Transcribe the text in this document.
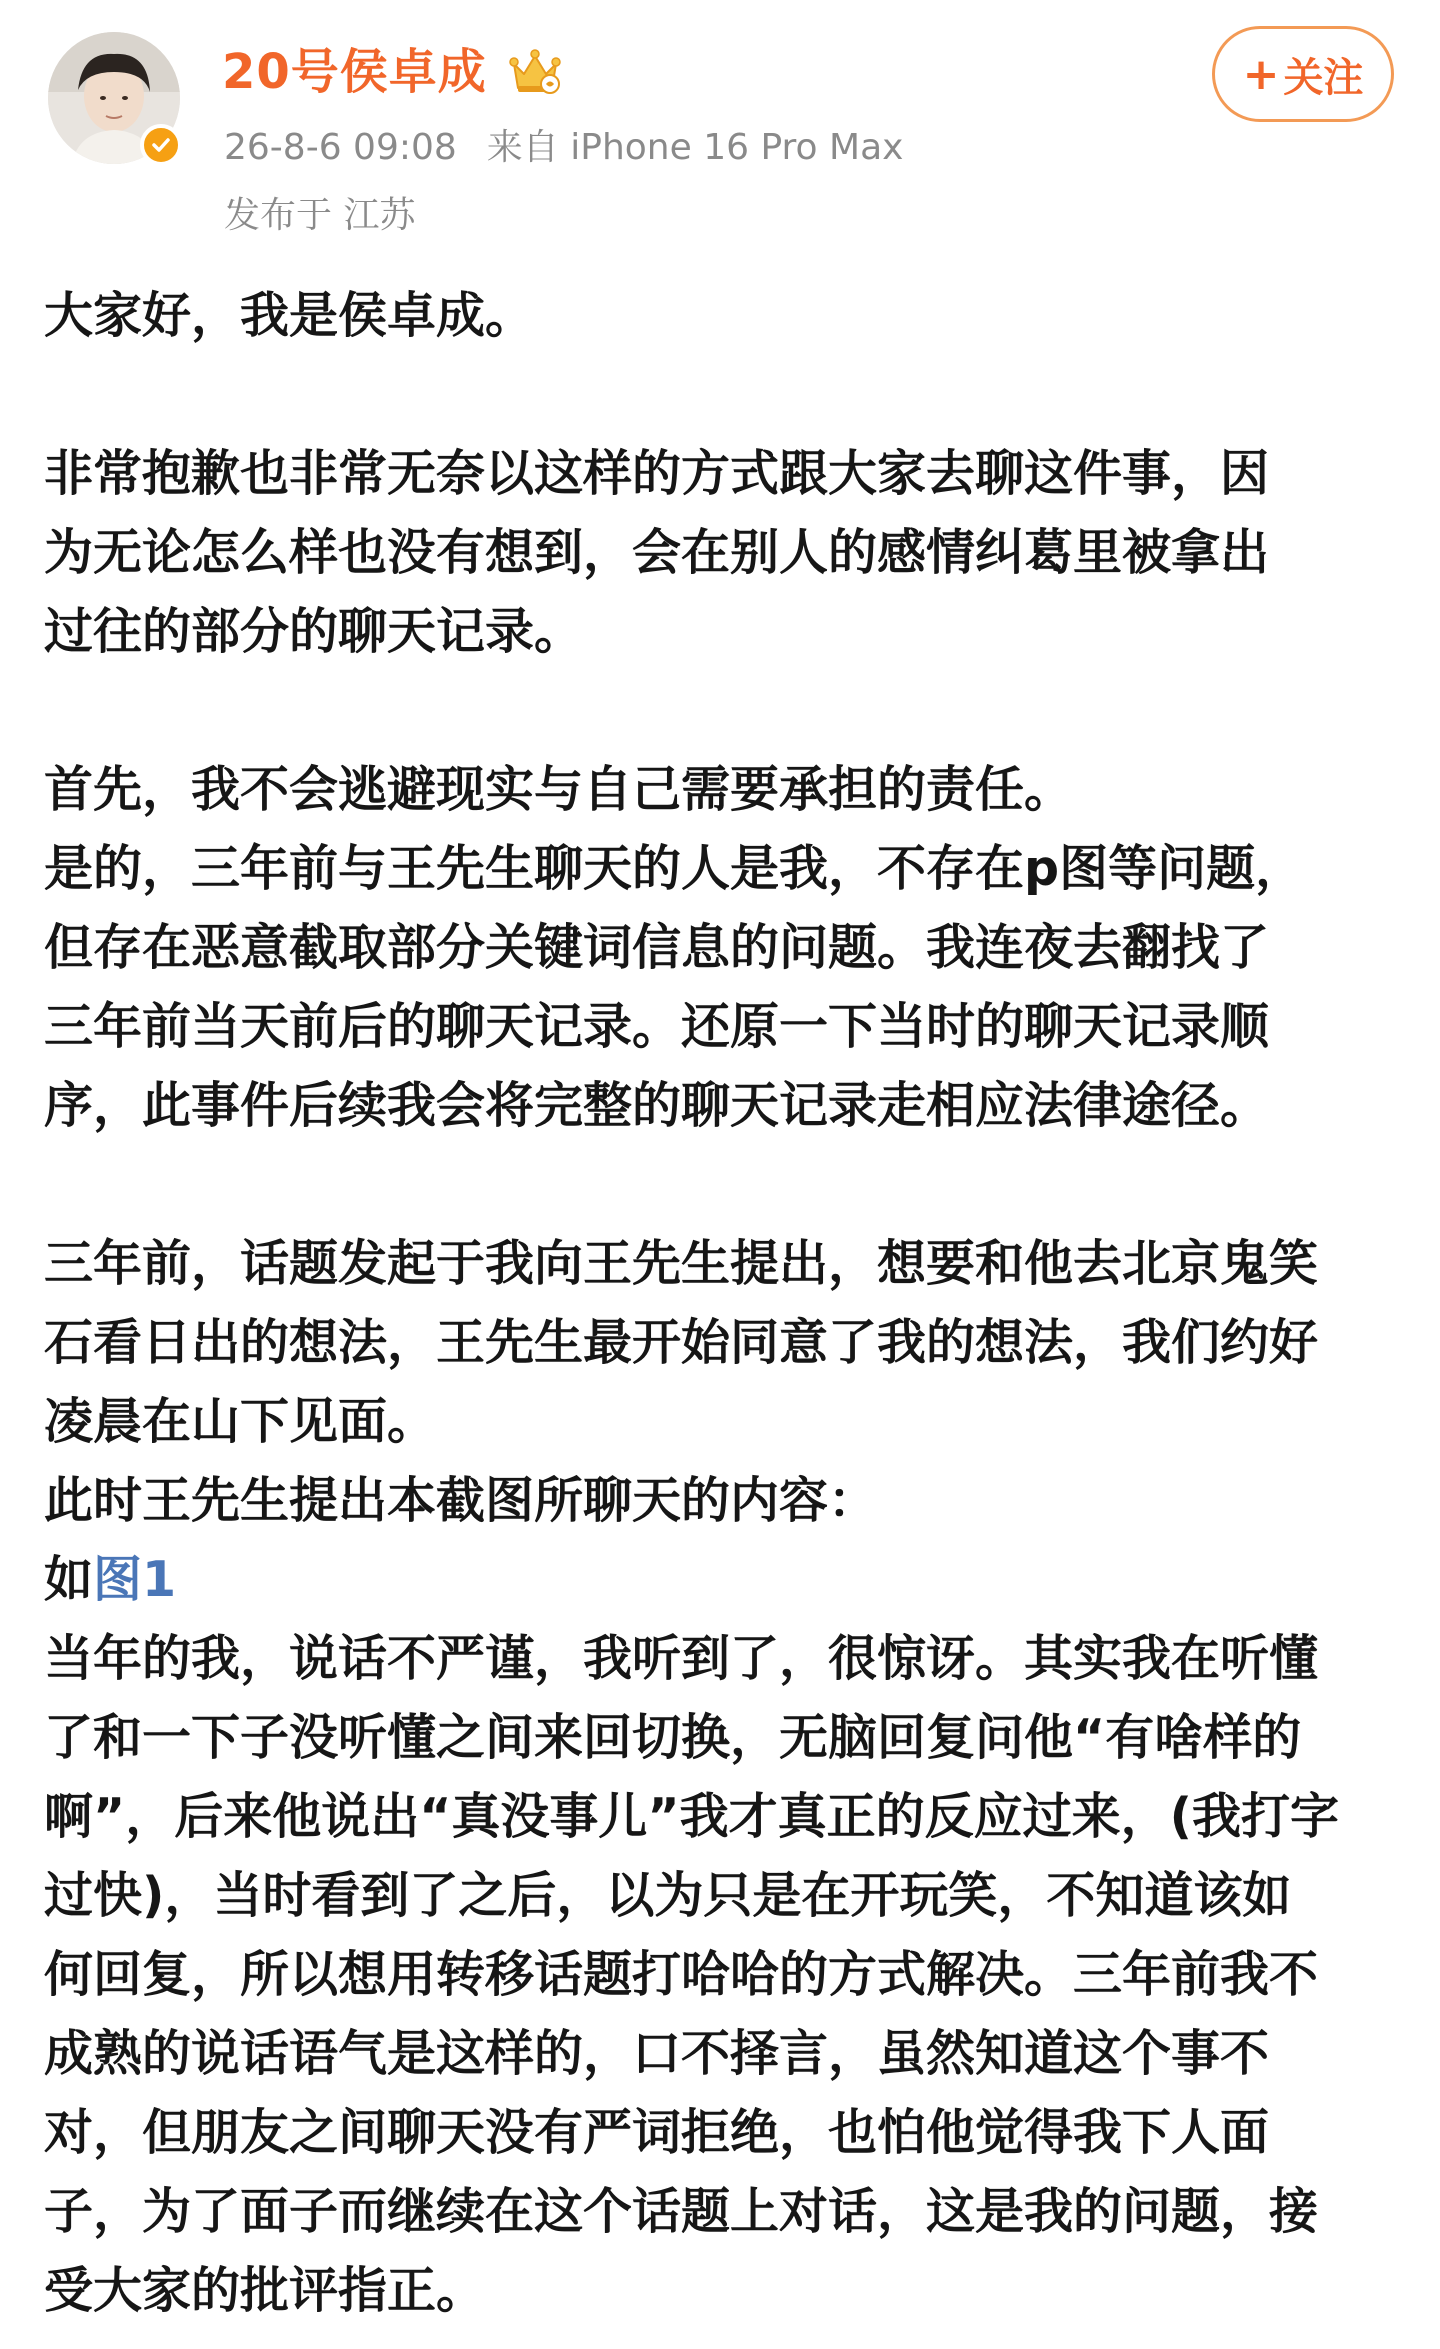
20号侯卓成
26-8-6 09:08 来自 iPhone 16 Pro Max
发布于 江苏
+ 关注

大家好，我是侯卓成。

非常抱歉也非常无奈以这样的方式跟大家去聊这件事，因
为无论怎么样也没有想到，会在别人的感情纠葛里被拿出
过往的部分的聊天记录。

首先，我不会逃避现实与自己需要承担的责任。

是的，三年前与王先生聊天的人是我，不存在p图等问题，
但存在恶意截取部分关键词信息的问题。我连夜去翻找了
三年前当天前后的聊天记录。还原一下当时的聊天记录顺
序，此事件后续我会将完整的聊天记录走相应法律途径。

三年前，话题发起于我向王先生提出，想要和他去北京鬼笑
石看日出的想法，王先生最开始同意了我的想法，我们约好
凌晨在山下见面。

此时王先生提出本截图所聊天的内容：

如图1

当年的我，说话不严谨，我听到了，很惊讶。其实我在听懂
了和一下子没听懂之间来回切换，无脑回复问他“有啥样的
啊”，后来他说出“真没事儿”我才真正的反应过来，(我打字
过快)，当时看到了之后，以为只是在开玩笑，不知道该如
何回复，所以想用转移话题打哈哈的方式解决。三年前我不
成熟的说话语气是这样的，口不择言，虽然知道这个事不
对，但朋友之间聊天没有严词拒绝，也怕他觉得我下人面
子，为了面子而继续在这个话题上对话，这是我的问题，接
受大家的批评指正。
